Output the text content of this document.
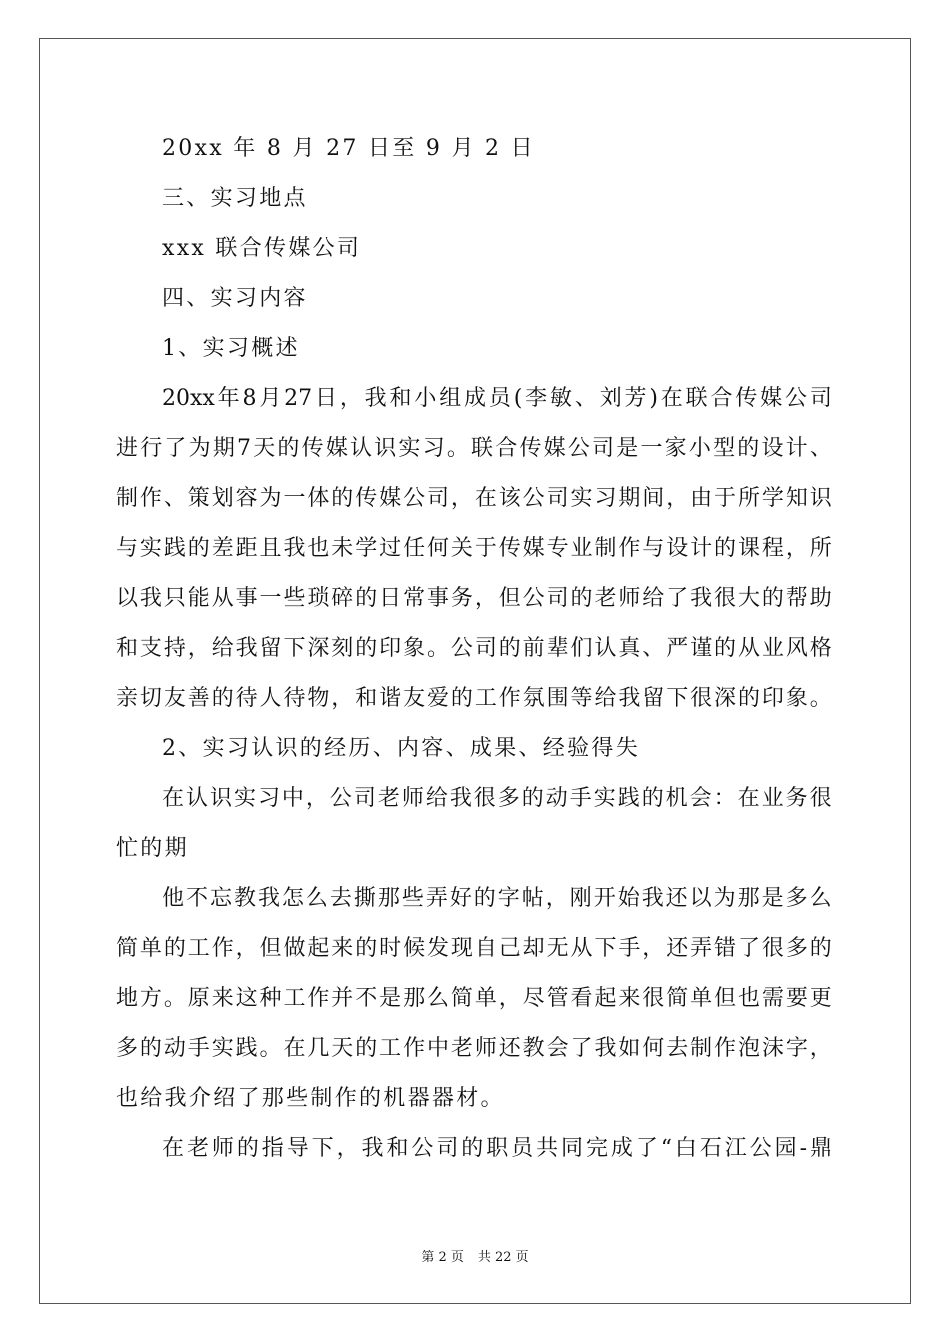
20xx 年 8 月 27 日至 9 月 2 日
三、实习地点
xxx 联合传媒公司
四、实习内容
1、实习概述
20xx 年 8 月 27 日 ， 我 和 小 组 成 员 ( 李 敏 、 刘 芳 ) 在 联 合 传 媒 公 司
进 行 了 为 期 7 天 的 传 媒 认 识 实 习 。 联 合 传 媒 公 司 是 一 家 小 型 的 设 计 、
制 作 、 策 划 容 为 一 体 的 传 媒 公 司 ， 在 该 公 司 实 习 期 间 ， 由 于 所 学 知 识
与 实 践 的 差 距 且 我 也 未 学 过 任 何 关 于 传 媒 专 业 制 作 与 设 计 的 课 程 ， 所
以 我 只 能 从 事 一 些 琐 碎 的 日 常 事 务 ， 但 公 司 的 老 师 给 了 我 很 大 的 帮 助
和 支 持 ， 给 我 留 下 深 刻 的 印 象 。 公 司 的 前 辈 们 认 真 、 严 谨 的 从 业 风 格
亲 切 友 善 的 待 人 待 物 ， 和 谐 友 爱 的 工 作 氛 围 等 给 我 留 下 很 深 的 印 象 。
2、实习认识的经历、内容、成果、经验得失
在 认 识 实 习 中 ， 公 司 老 师 给 我 很 多 的 动 手 实 践 的 机 会 ： 在 业 务 很
忙的期
他 不 忘 教 我 怎 么 去 撕 那 些 弄 好 的 字 帖 ， 刚 开 始 我 还 以 为 那 是 多 么
简 单 的 工 作 ， 但 做 起 来 的 时 候 发 现 自 己 却 无 从 下 手 ， 还 弄 错 了 很 多 的
地 方 。 原 来 这 种 工 作 并 不 是 那 么 简 单 ， 尽 管 看 起 来 很 简 单 但 也 需 要 更
多 的 动 手 实 践 。 在 几 天 的 工 作 中 老 师 还 教 会 了 我 如 何 去 制 作 泡 沫 字 ，
也给我介绍了那些制作的机器器材。
在 老 师 的 指 导 下 ， 我 和 公 司 的 职 员 共 同 完 成 了 “ 白 石 江 公 园 - 鼎
第 2 页 共 22 页
